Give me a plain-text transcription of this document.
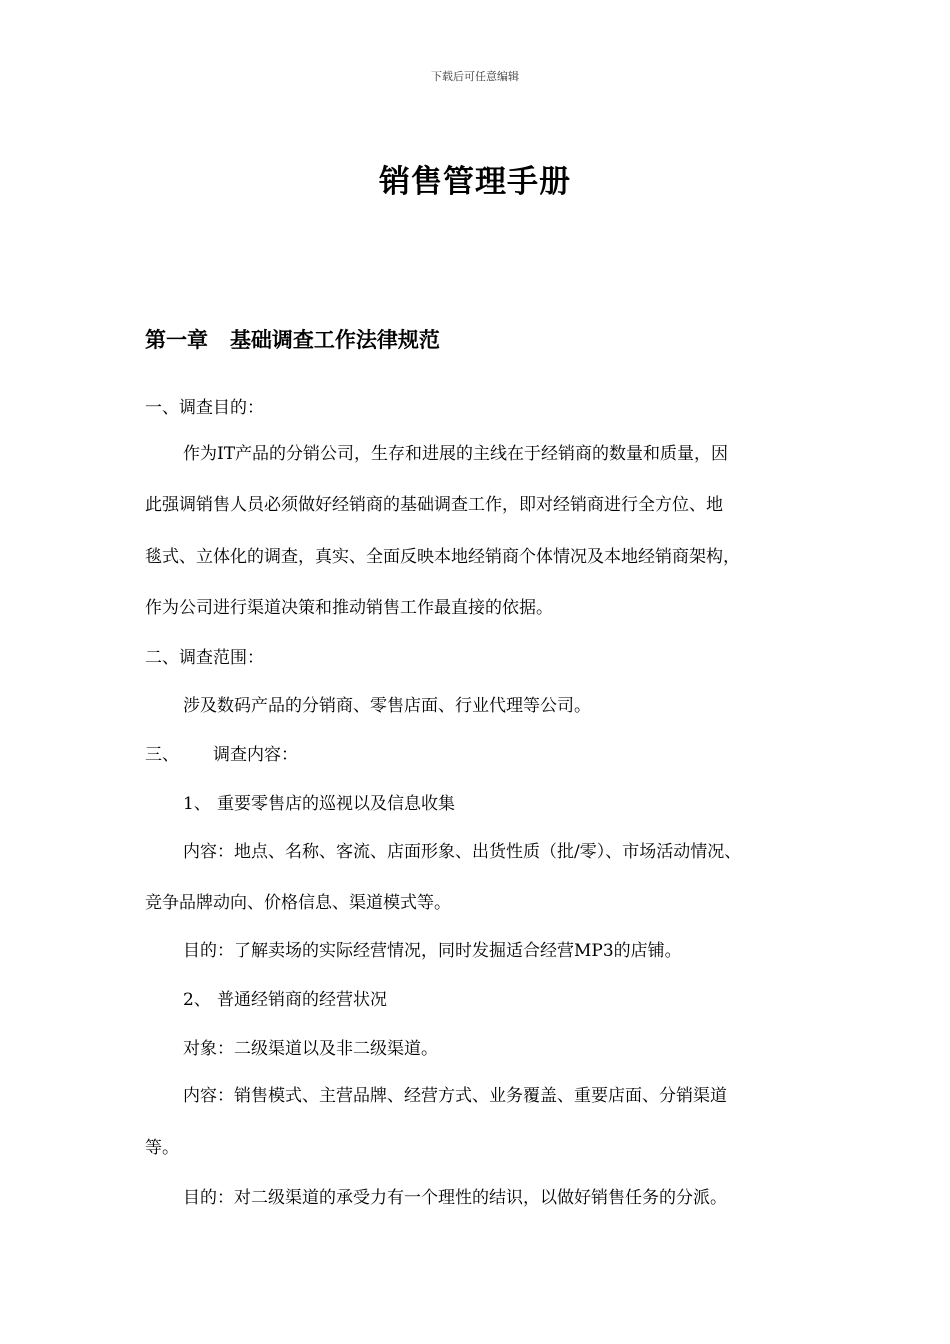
下载后可任意编辑
销售管理手册
第一章 基础调查工作法律规范
一、调查目的：
作为IT产品的分销公司，生存和进展的主线在于经销商的数量和质量，因
此强调销售人员必须做好经销商的基础调查工作，即对经销商进行全方位、地
毯式、立体化的调查，真实、全面反映本地经销商个体情况及本地经销商架构，
作为公司进行渠道决策和推动销售工作最直接的依据。
二、调查范围：
涉及数码产品的分销商、零售店面、行业代理等公司。
三、 调查内容：
1、 重要零售店的巡视以及信息收集
内容：地点、名称、客流、店面形象、出货性质（批/零）、市场活动情况、
竞争品牌动向、价格信息、渠道模式等。
目的：了解卖场的实际经营情况，同时发掘适合经营MP3的店铺。
2、 普通经销商的经营状况
对象：二级渠道以及非二级渠道。
内容：销售模式、主营品牌、经营方式、业务覆盖、重要店面、分销渠道
等。
目的：对二级渠道的承受力有一个理性的结识，以做好销售任务的分派。
